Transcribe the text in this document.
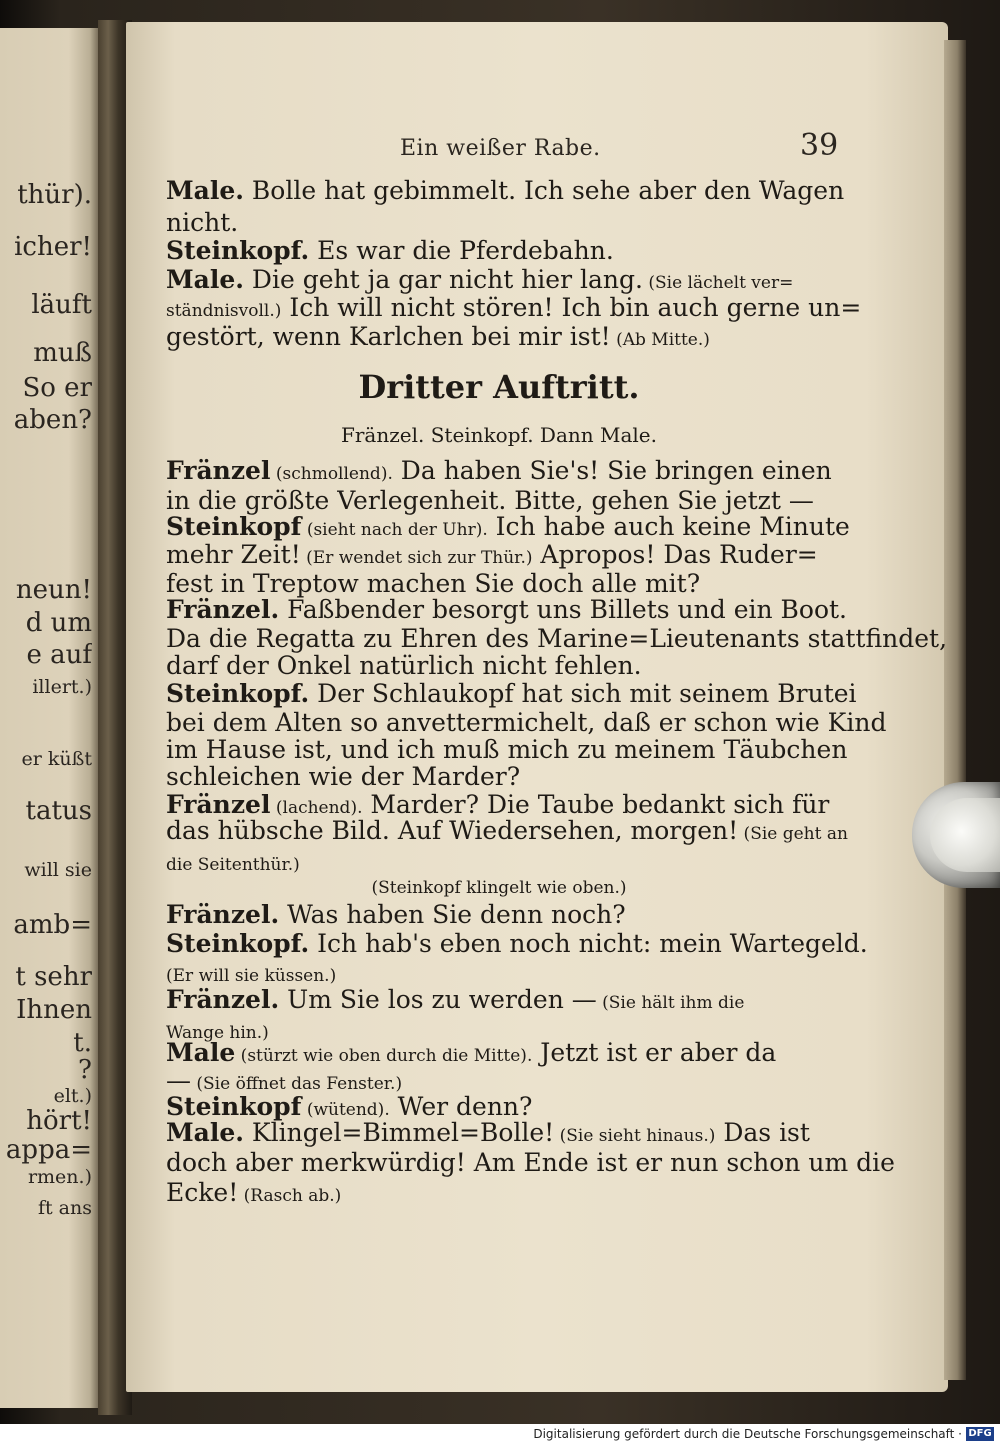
thür).
icher!
läuft
muß
So er
aben?
neun!
d um
e auf
illert.)
er küßt
tatus
will sie
amb=
t sehr
Ihnen
t.
?
elt.)
hört!
appa=
rmen.)
ft ans
Ein weißer Rabe.	39
Male. Bolle hat gebimmelt. Ich sehe aber den Wagen
nicht.
Steinkopf. Es war die Pferdebahn.
Male. Die geht ja gar nicht hier lang. (Sie lächelt ver=
ständnisvoll.) Ich will nicht stören! Ich bin auch gerne un=
gestört, wenn Karlchen bei mir ist! (Ab Mitte.)
Dritter Auftritt.
Fränzel. Steinkopf. Dann Male.
Fränzel (schmollend). Da haben Sie's! Sie bringen einen
in die größte Verlegenheit. Bitte, gehen Sie jetzt —
Steinkopf (sieht nach der Uhr). Ich habe auch keine Minute
mehr Zeit! (Er wendet sich zur Thür.) Apropos! Das Ruder=
fest in Treptow machen Sie doch alle mit?
Fränzel. Faßbender besorgt uns Billets und ein Boot.
Da die Regatta zu Ehren des Marine=Lieutenants stattfindet,
darf der Onkel natürlich nicht fehlen.
Steinkopf. Der Schlaukopf hat sich mit seinem Brutei
bei dem Alten so anvettermichelt, daß er schon wie Kind
im Hause ist, und ich muß mich zu meinem Täubchen
schleichen wie der Marder?
Fränzel (lachend). Marder? Die Taube bedankt sich für
das hübsche Bild. Auf Wiedersehen, morgen! (Sie geht an
die Seitenthür.)
(Steinkopf klingelt wie oben.)
Fränzel. Was haben Sie denn noch?
Steinkopf. Ich hab's eben noch nicht: mein Wartegeld.
(Er will sie küssen.)
Fränzel. Um Sie los zu werden — (Sie hält ihm die
Wange hin.)
Male (stürzt wie oben durch die Mitte). Jetzt ist er aber da
— (Sie öffnet das Fenster.)
Steinkopf (wütend). Wer denn?
Male. Klingel=Bimmel=Bolle! (Sie sieht hinaus.) Das ist
doch aber merkwürdig! Am Ende ist er nun schon um die
Ecke! (Rasch ab.)
Digitalisierung gefördert durch die Deutsche Forschungsgemeinschaft · DFG
